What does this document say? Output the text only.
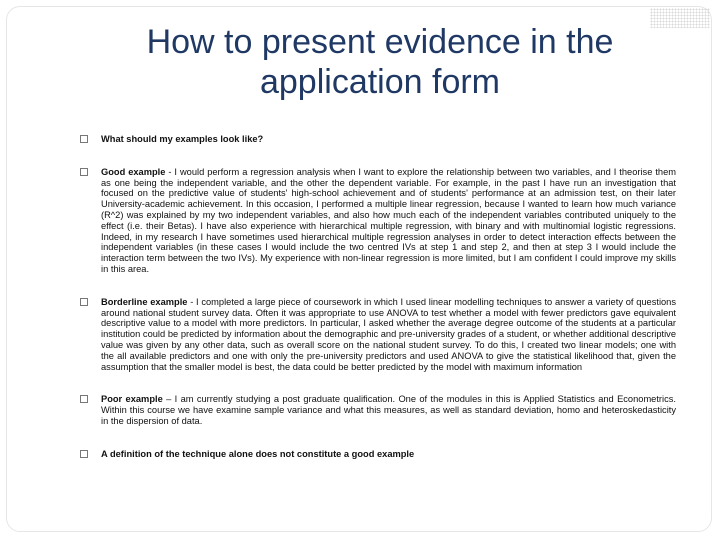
How to present evidence in the application form
What should my examples look like?
Good example - I would perform a regression analysis when I want to explore the relationship between two variables, and I theorise them as one being the independent variable, and the other the dependent variable. For example, in the past I have run an investigation that focused on the predictive value of students' high-school achievement and of students' performance at an admission test, on their later University-academic achievement. In this occasion, I performed a multiple linear regression, because I wanted to learn how much variance (R^2) was explained by my two independent variables, and also how much each of the independent variables contributed uniquely to the effect (i.e. their Betas). I have also experience with hierarchical multiple regression, with binary and with multinomial logistic regressions. Indeed, in my research I have sometimes used hierarchical multiple regression analyses in order to detect interaction effects between the independent variables (in these cases I would include the two centred IVs at step 1 and step 2, and then at step 3 I would include the interaction term between the two IVs). My experience with non-linear regression is more limited, but I am confident I could improve my skills in this area.
Borderline example - I completed a large piece of coursework in which I used linear modelling techniques to answer a variety of questions around national student survey data. Often it was appropriate to use ANOVA to test whether a model with fewer predictors gave equivalent descriptive value to a model with more predictors. In particular, I asked whether the average degree outcome of the students at a particular institution could be predicted by information about the demographic and pre-university grades of a student, or whether additional descriptive value was given by any other data, such as overall score on the national student survey. To do this, I created two linear models; one with the all available predictors and one with only the pre-university predictors and used ANOVA to give the statistical likelihood that, given the assumption that the smaller model is best, the data could be better predicted by the model with maximum information
Poor example – I am currently studying a post graduate qualification. One of the modules in this is Applied Statistics and Econometrics. Within this course we have examine sample variance and what this measures, as well as standard deviation, homo and heteroskedasticity in the dispersion of data.
A definition of the technique alone does not constitute a good example
